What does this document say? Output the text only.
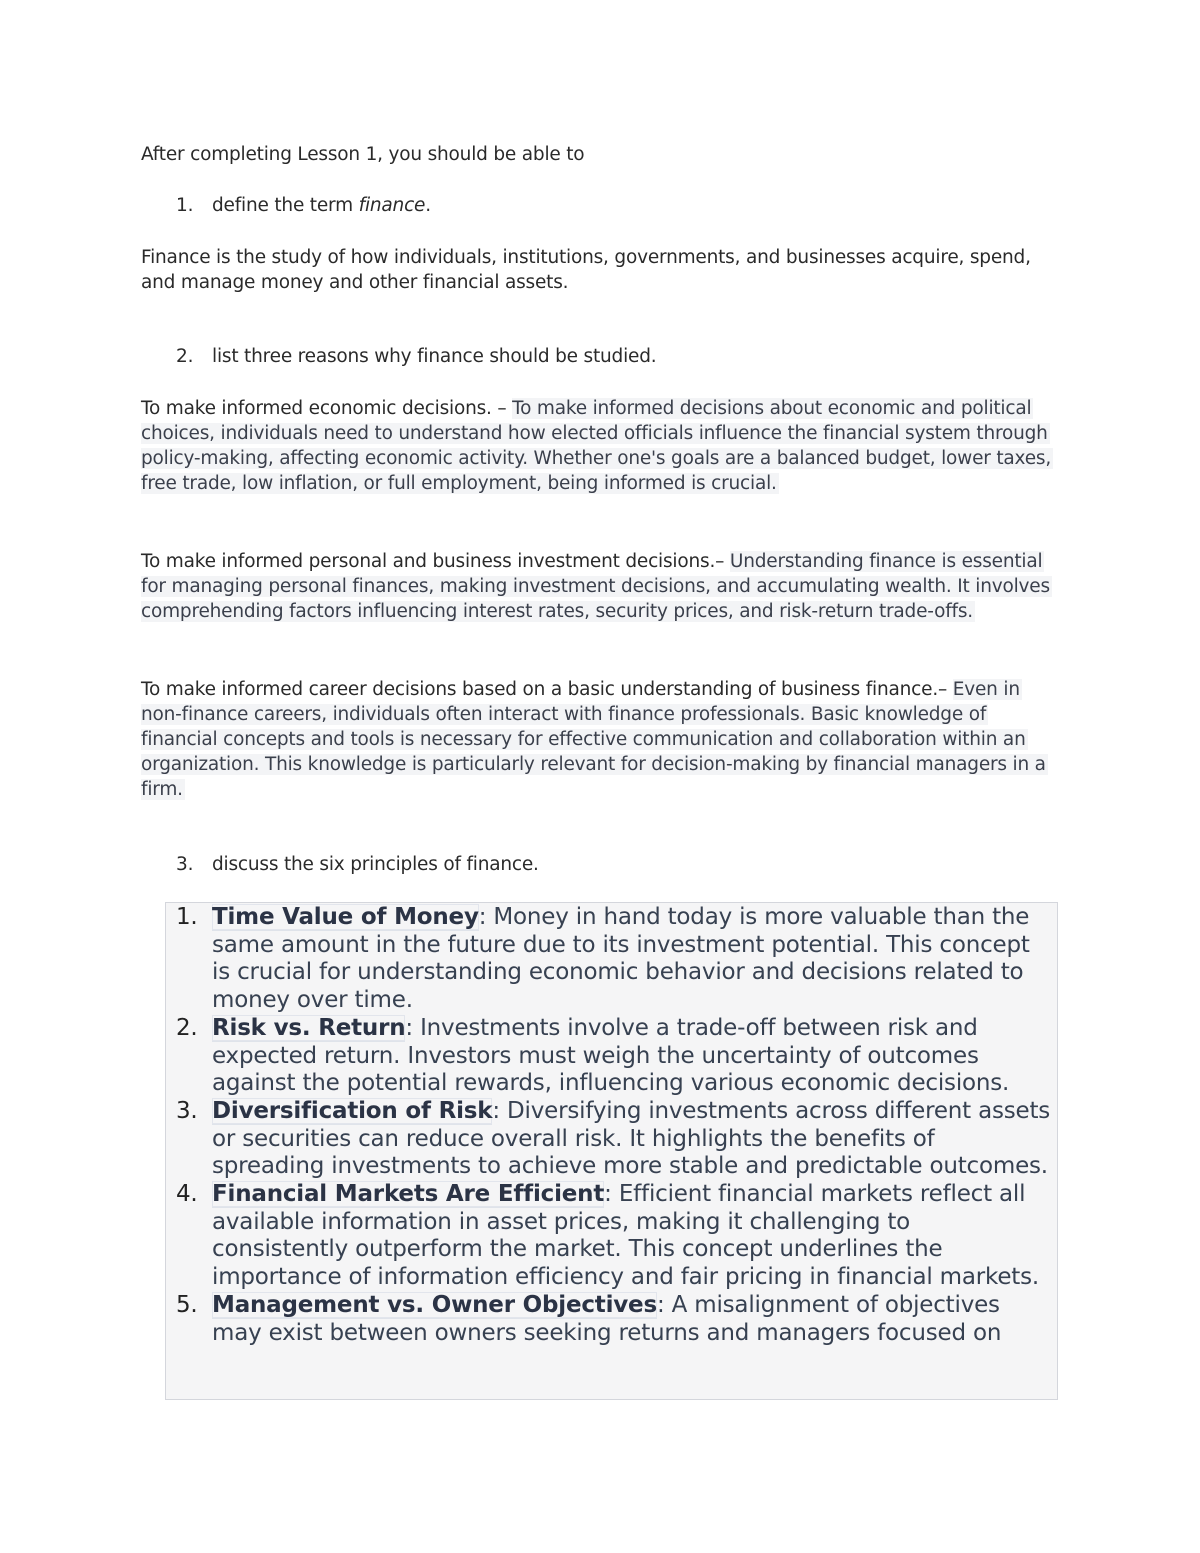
After completing Lesson 1, you should be able to

1. define the term finance.

Finance is the study of how individuals, institutions, governments, and businesses acquire, spend, and manage money and other financial assets.

2. list three reasons why finance should be studied.

To make informed economic decisions. – To make informed decisions about economic and political choices, individuals need to understand how elected officials influence the financial system through policy-making, affecting economic activity. Whether one's goals are a balanced budget, lower taxes, free trade, low inflation, or full employment, being informed is crucial.

To make informed personal and business investment decisions.– Understanding finance is essential for managing personal finances, making investment decisions, and accumulating wealth. It involves comprehending factors influencing interest rates, security prices, and risk-return trade-offs.

To make informed career decisions based on a basic understanding of business finance.– Even in non-finance careers, individuals often interact with finance professionals. Basic knowledge of financial concepts and tools is necessary for effective communication and collaboration within an organization. This knowledge is particularly relevant for decision-making by financial managers in a firm.

3. discuss the six principles of finance.
1. Time Value of Money: Money in hand today is more valuable than the same amount in the future due to its investment potential. This concept is crucial for understanding economic behavior and decisions related to money over time.
2. Risk vs. Return: Investments involve a trade-off between risk and expected return. Investors must weigh the uncertainty of outcomes against the potential rewards, influencing various economic decisions.
3. Diversification of Risk: Diversifying investments across different assets or securities can reduce overall risk. It highlights the benefits of spreading investments to achieve more stable and predictable outcomes.
4. Financial Markets Are Efficient: Efficient financial markets reflect all available information in asset prices, making it challenging to consistently outperform the market. This concept underlines the importance of information efficiency and fair pricing in financial markets.
5. Management vs. Owner Objectives: A misalignment of objectives may exist between owners seeking returns and managers focused on
